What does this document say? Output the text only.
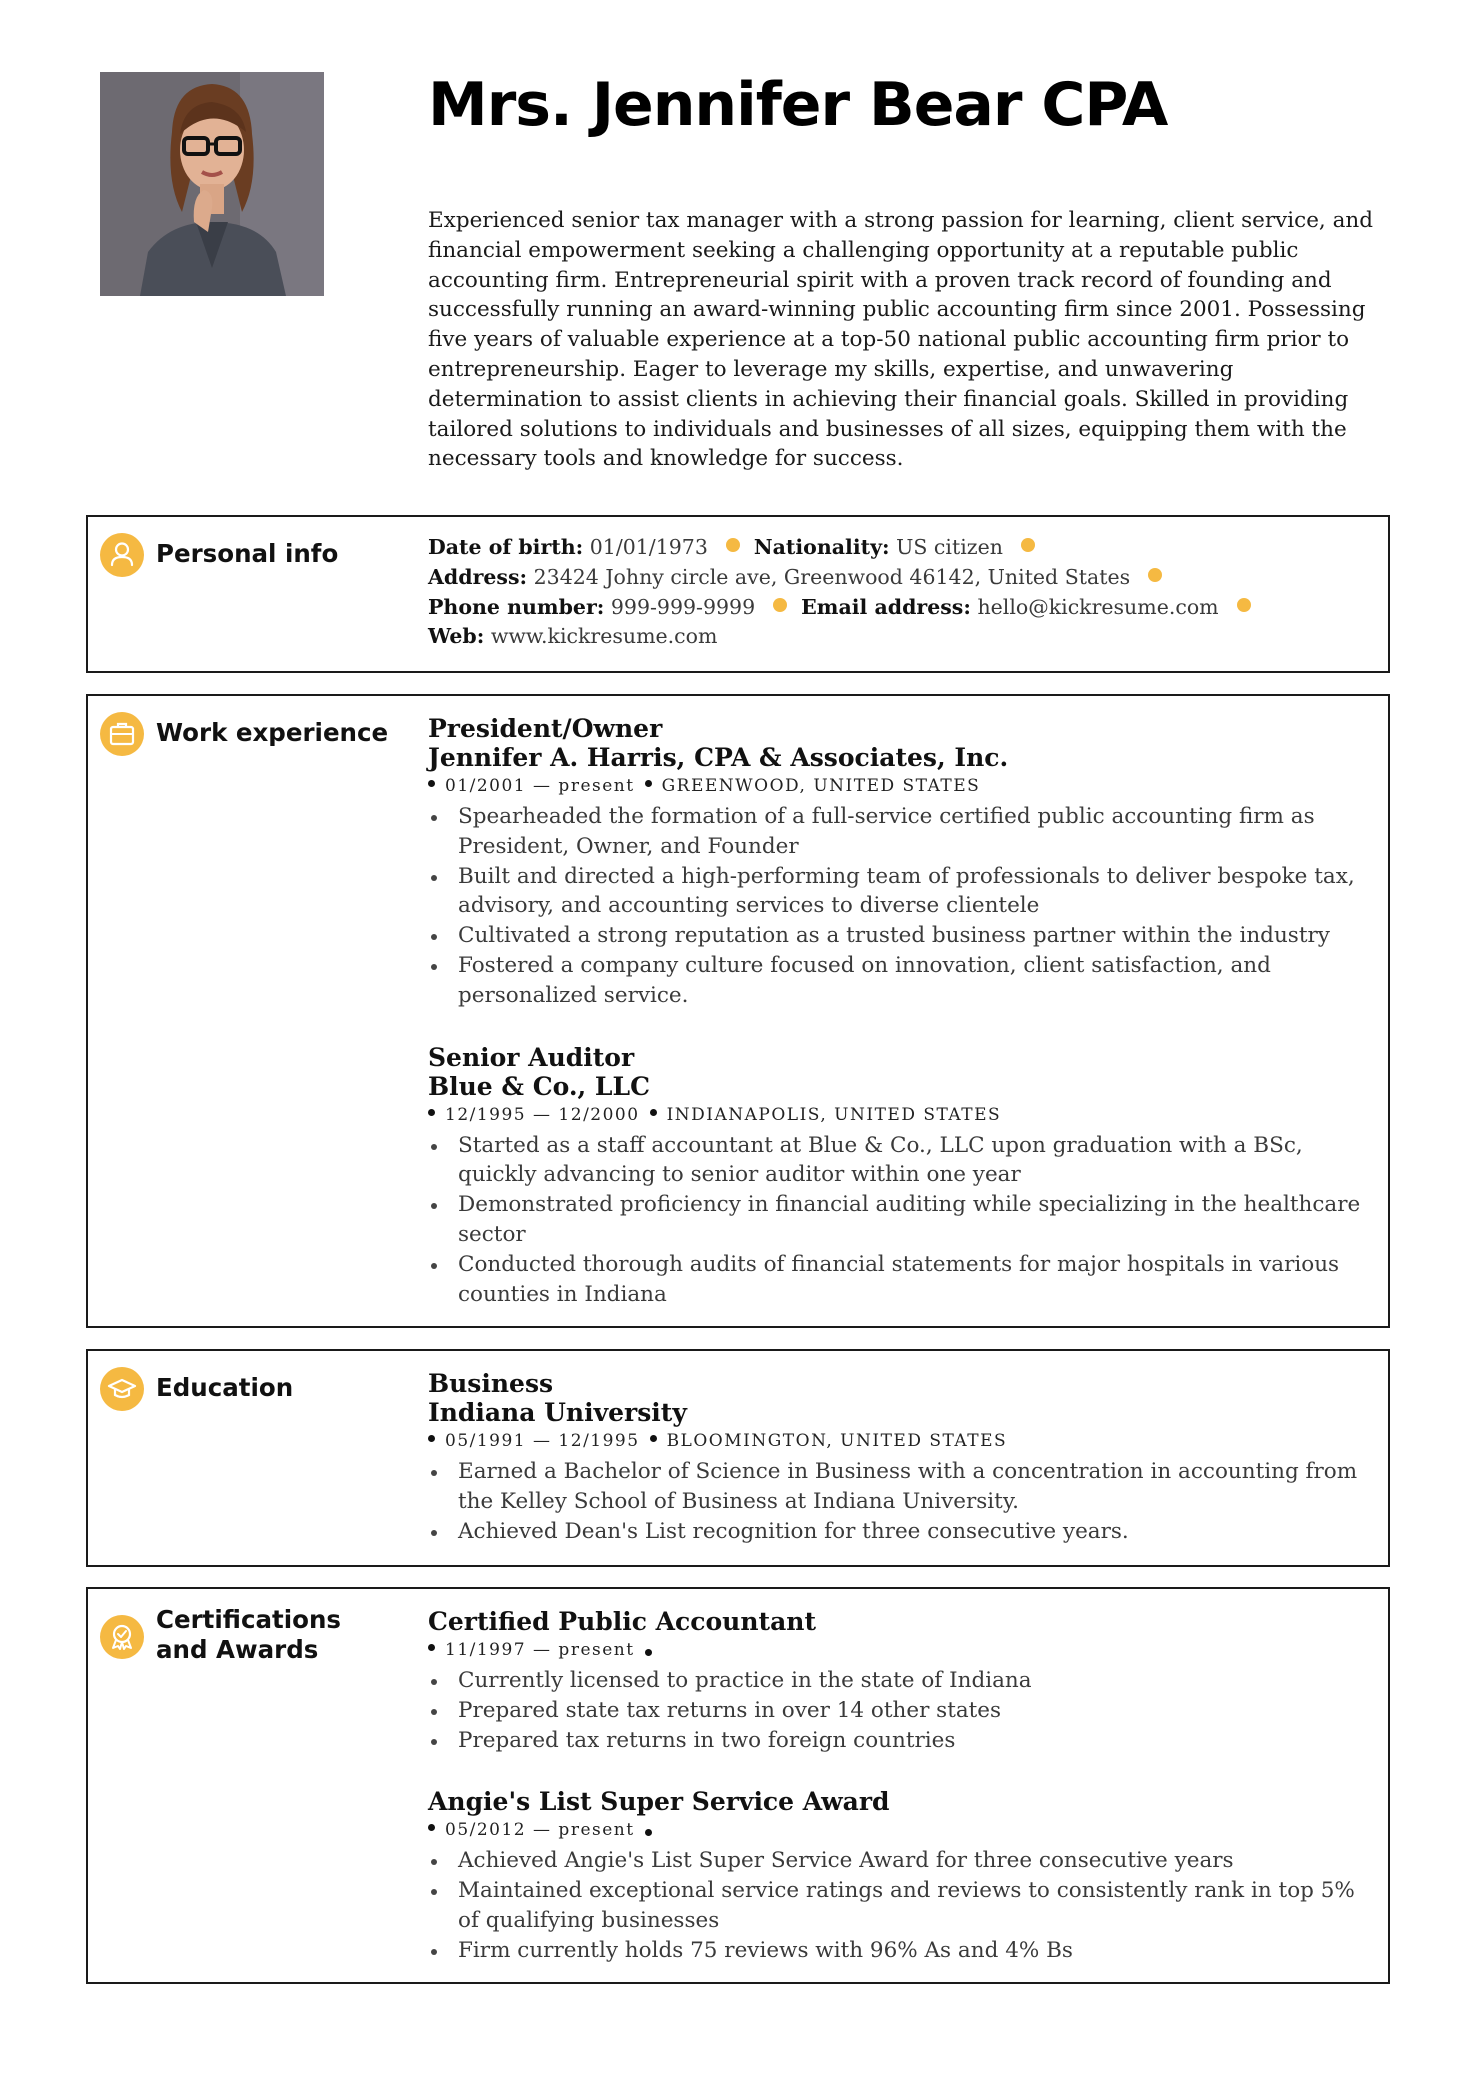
Mrs. Jennifer Bear CPA

Experienced senior tax manager with a strong passion for learning, client service, and financial empowerment seeking a challenging opportunity at a reputable public accounting firm. Entrepreneurial spirit with a proven track record of founding and successfully running an award-winning public accounting firm since 2001. Possessing five years of valuable experience at a top-50 national public accounting firm prior to entrepreneurship. Eager to leverage my skills, expertise, and unwavering determination to assist clients in achieving their financial goals. Skilled in providing tailored solutions to individuals and businesses of all sizes, equipping them with the necessary tools and knowledge for success.

Personal info	Date of birth: 01/01/1973 Nationality: US citizen
Address: 23424 Johny circle ave, Greenwood 46142, United States
Phone number: 999-999-9999 Email address: hello@kickresume.com
Web: www.kickresume.com
Work experience President/Owner
Jennifer A. Harris, CPA & Associates, Inc.
01/2001 — present GREENWOOD, UNITED STATES
Spearheaded the formation of a full-service certified public accounting firm as President, Owner, and Founder
Built and directed a high-performing team of professionals to deliver bespoke tax, advisory, and accounting services to diverse clientele
Cultivated a strong reputation as a trusted business partner within the industry
Fostered a company culture focused on innovation, client satisfaction, and personalized service.
Senior Auditor
Blue & Co., LLC
12/1995 — 12/2000 INDIANAPOLIS, UNITED STATES
Started as a staff accountant at Blue & Co., LLC upon graduation with a BSc, quickly advancing to senior auditor within one year
Demonstrated proficiency in financial auditing while specializing in the healthcare sector
Conducted thorough audits of financial statements for major hospitals in various counties in Indiana
Education	Business
Indiana University
05/1991 — 12/1995 BLOOMINGTON, UNITED STATES
Earned a Bachelor of Science in Business with a concentration in accounting from the Kelley School of Business at Indiana University.
Achieved Dean's List recognition for three consecutive years.
Certifications
and Awards
Certified Public Accountant
11/1997 — present
Currently licensed to practice in the state of Indiana
Prepared state tax returns in over 14 other states
Prepared tax returns in two foreign countries
Angie's List Super Service Award
05/2012 — present
Achieved Angie's List Super Service Award for three consecutive years
Maintained exceptional service ratings and reviews to consistently rank in top 5% of qualifying businesses
Firm currently holds 75 reviews with 96% As and 4% Bs
